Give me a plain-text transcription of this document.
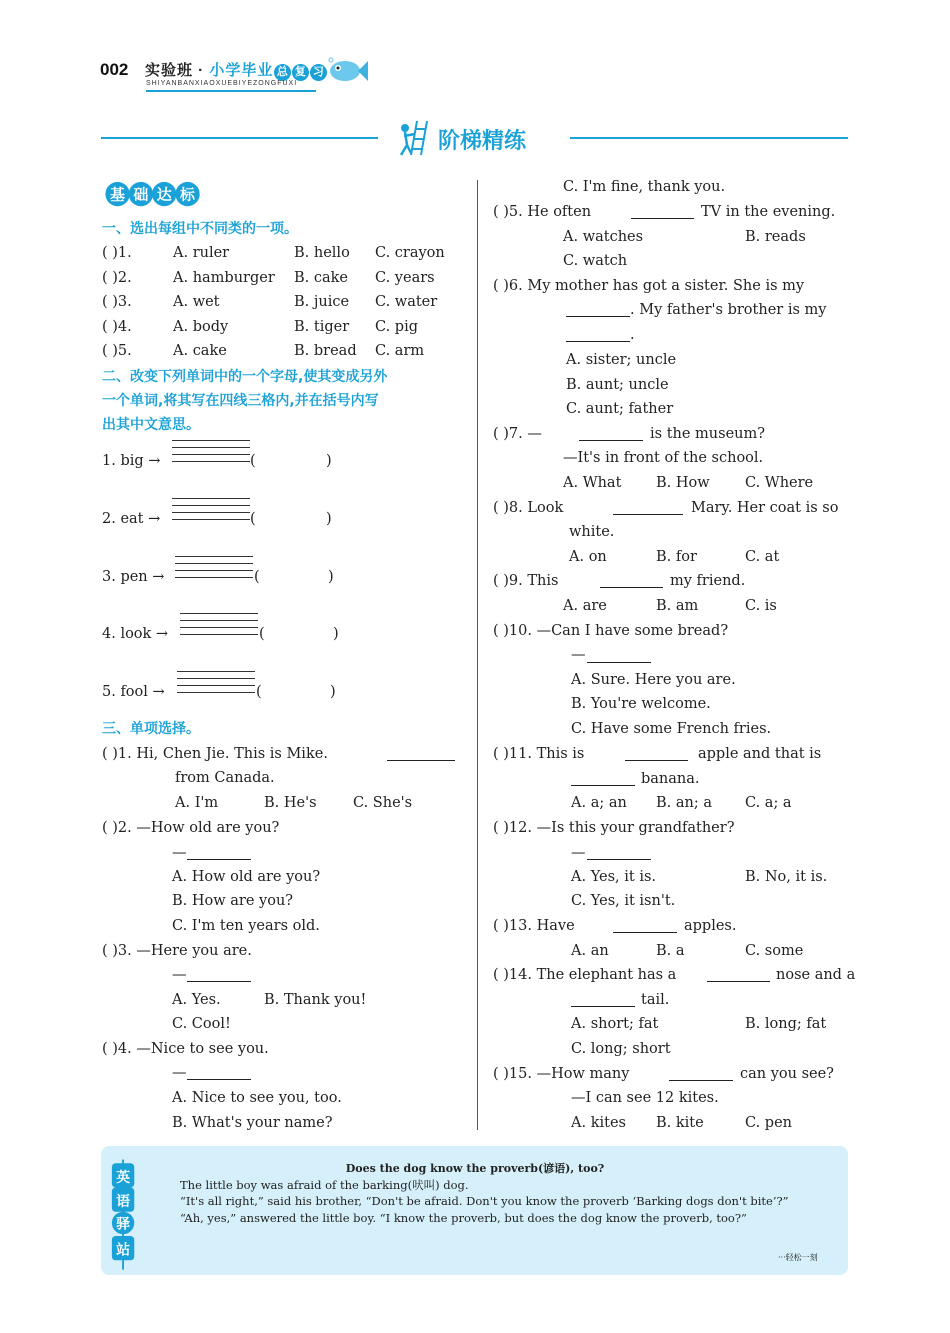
002 实验班 · 小学毕业 总 复 习
SHIYANBANXIAOXUEBIYEZONGFUXI
阶梯精练
基 础 达 标
一、选出每组中不同类的一项。
( )1.	A. ruler	B. hello C. crayon
( )2.	A. hamburger B. cake C. years
( )3.	A. wet	B. juice C. water
( )4.	A. body	B. tiger C. pig
( )5.	A. cake	B. bread C. arm
二、改变下列单词中的一个字母,使其变成另外
一个单词,将其写在四线三格内,并在括号内写
出其中文意思。
1. big →	(	)
2. eat →	(	)
3. pen →	(	)
4. look →	(	)
5. fool →	(	)
三、单项选择。
( )1. Hi, Chen Jie. This is Mike.
from Canada.
A. I'm	B. He's	C. She's
( )2. —How old are you?
—
A. How old are you?
B. How are you?
C. I'm ten years old.
( )3. —Here you are.
—
A. Yes.	B. Thank you!
C. Cool!
( )4. —Nice to see you.
—
A. Nice to see you, too.
B. What's your name?
C. I'm fine, thank you.
( )5. He often	TV in the evening.
A. watches	B. reads
C. watch
( )6. My mother has got a sister. She is my
. My father's brother is my
.
A. sister; uncle
B. aunt; uncle
C. aunt; father
( )7. —	is the museum?
—It's in front of the school.
A. What B. How C. Where
( )8. Look	Mary. Her coat is so
white.
A. on	B. for	C. at
( )9. This	my friend.
A. are	B. am	C. is
( )10. —Can I have some bread?
—
A. Sure. Here you are.
B. You're welcome.
C. Have some French fries.
( )11. This is	apple and that is
banana.
A. a; an B. an; a C. a; a
( )12. —Is this your grandfather?
—
A. Yes, it is.	B. No, it is.
C. Yes, it isn't.
( )13. Have	apples.
A. an	B. a	C. some
( )14. The elephant has a	nose and a
tail.
A. short; fat	B. long; fat
C. long; short
( )15. —How many	can you see?
—I can see 12 kites.
A. kites B. kite	C. pen
英
语
驿
站
Does the dog know the proverb(谚语), too?
The little boy was afraid of the barking(吠叫) dog.
“It's all right,” said his brother, “Don't be afraid. Don't you know the proverb ‘Barking dogs don't bite’?”
“Ah, yes,” answered the little boy. “I know the proverb, but does the dog know the proverb, too?”
···轻松一刻
